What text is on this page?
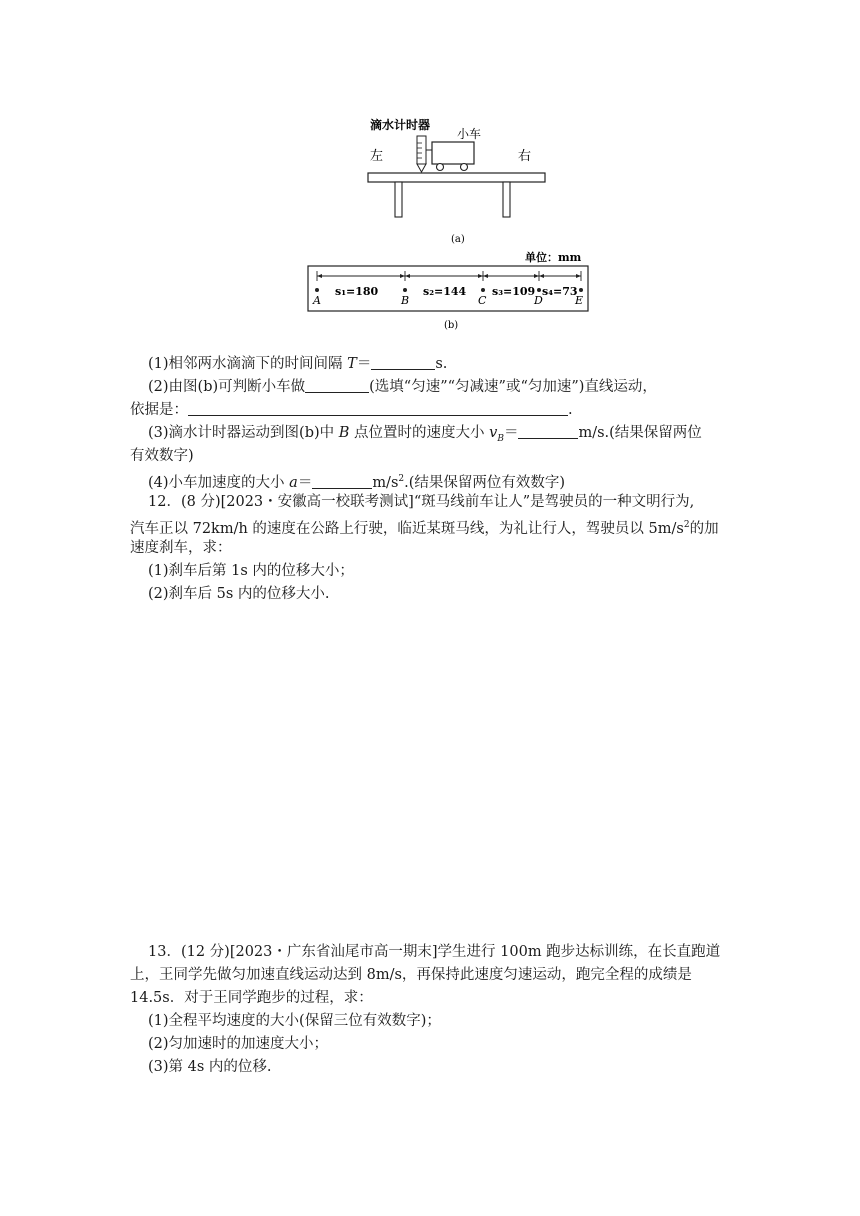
滴水计时器
小车
左	右
(a)
单位：mm
s₁=180	s₂=144 s₃=109 s₄=73
A	B	C	D	E
(b)
(1)相邻两水滴滴下的时间间隔 T＝	s.
(2)由图(b)可判断小车做	(选填“匀速”“匀减速”或“匀加速”)直线运动，
依据是：	.
(3)滴水计时器运动到图(b)中 B 点位置时的速度大小 $v_B=$	m/s.(结果保留两位
有效数字)
(4)小车加速度的大小 a＝	$m/s^2$.(结果保留两位有效数字)
12．(8 分)[2023・安徽高一校联考测试]“斑马线前车让人”是驾驶员的一种文明行为,
汽车正以 72km/h 的速度在公路上行驶，临近某斑马线，为礼让行人，驾驶员以 $5m/s^2$的加
速度刹车，求：
(1)刹车后第 1s 内的位移大小；
(2)刹车后 5s 内的位移大小.
13．(12 分)[2023・广东省汕尾市高一期末]学生进行 100m 跑步达标训练，在长直跑道
上，王同学先做匀加速直线运动达到 8m/s，再保持此速度匀速运动，跑完全程的成绩是
14.5s．对于王同学跑步的过程，求：
(1)全程平均速度的大小(保留三位有效数字)；
(2)匀加速时的加速度大小；
(3)第 4s 内的位移.
